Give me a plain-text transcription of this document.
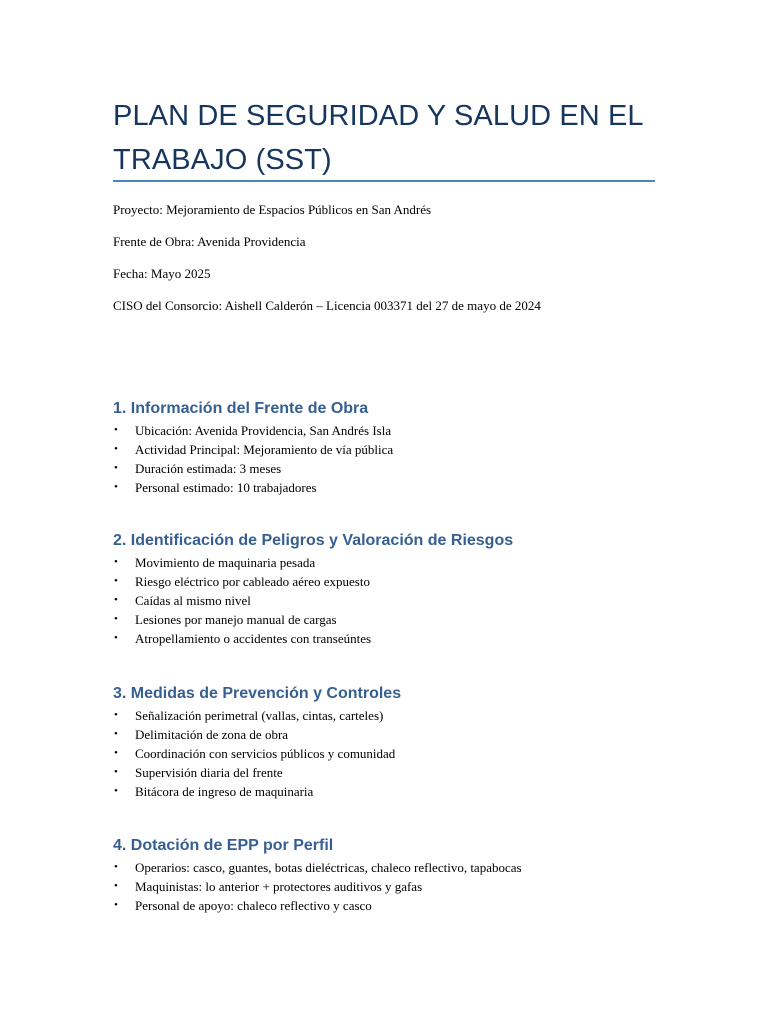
PLAN DE SEGURIDAD Y SALUD EN EL TRABAJO (SST)

Proyecto: Mejoramiento de Espacios Públicos en San Andrés

Frente de Obra: Avenida Providencia

Fecha: Mayo 2025

CISO del Consorcio: Aishell Calderón – Licencia 003371 del 27 de mayo de 2024

1. Información del Frente de Obra
•	Ubicación: Avenida Providencia, San Andrés Isla
•	Actividad Principal: Mejoramiento de vía pública
•	Duración estimada: 3 meses
•	Personal estimado: 10 trabajadores
2. Identificación de Peligros y Valoración de Riesgos
•	Movimiento de maquinaria pesada
•	Riesgo eléctrico por cableado aéreo expuesto
•	Caídas al mismo nivel
•	Lesiones por manejo manual de cargas
•	Atropellamiento o accidentes con transeúntes
3. Medidas de Prevención y Controles
•	Señalización perimetral (vallas, cintas, carteles)
•	Delimitación de zona de obra
•	Coordinación con servicios públicos y comunidad
•	Supervisión diaria del frente
•	Bitácora de ingreso de maquinaria
4. Dotación de EPP por Perfil
•	Operarios: casco, guantes, botas dieléctricas, chaleco reflectivo, tapabocas
•	Maquinistas: lo anterior + protectores auditivos y gafas
•	Personal de apoyo: chaleco reflectivo y casco
